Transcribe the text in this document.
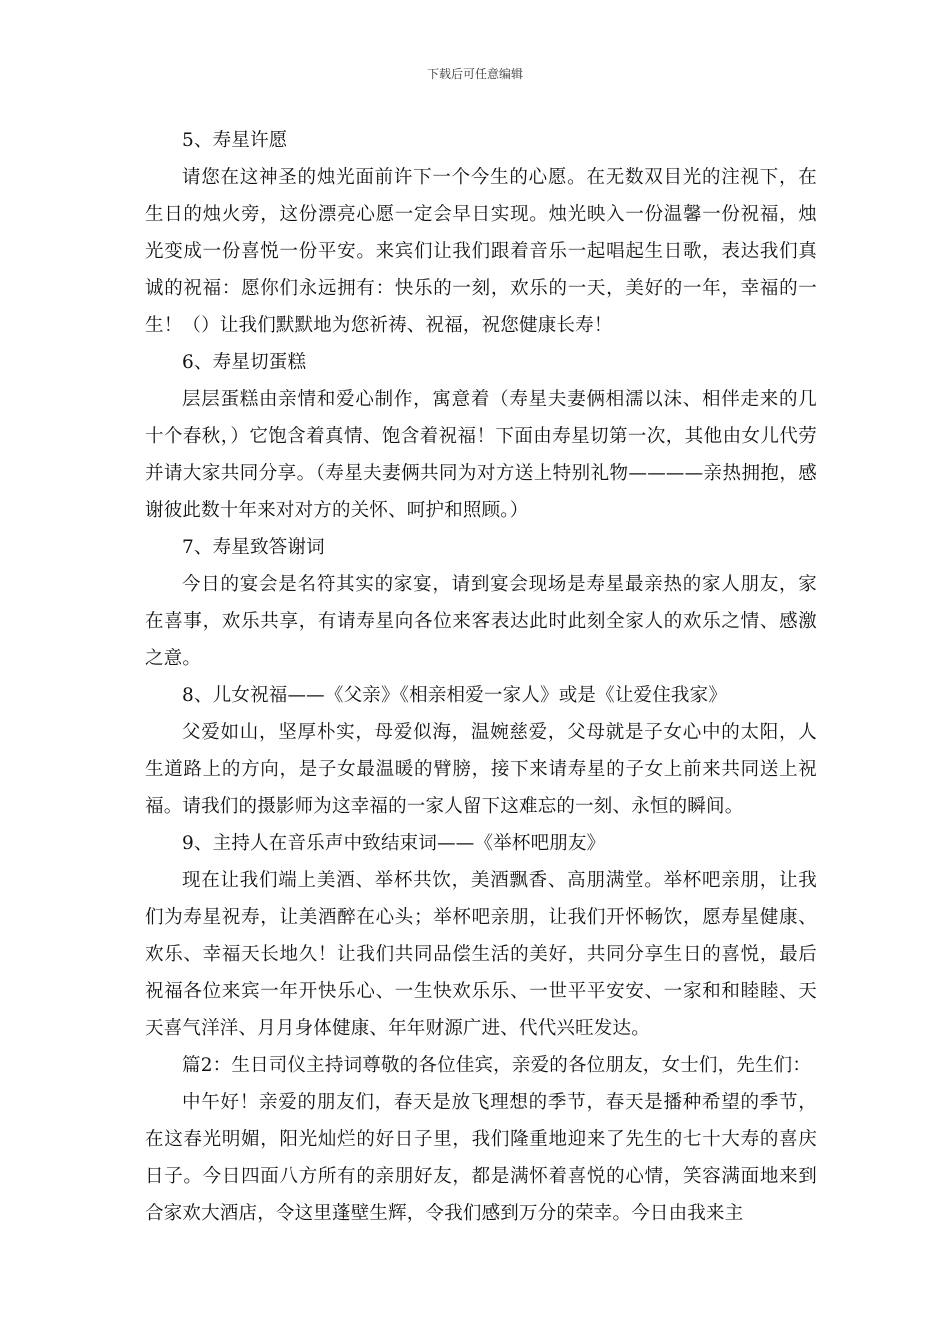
下载后可任意编辑

5、寿星许愿

请您在这神圣的烛光面前许下一个今生的心愿。在无数双目光的注视下，在生日的烛火旁，这份漂亮心愿一定会早日实现。烛光映入一份温馨一份祝福，烛光变成一份喜悦一份平安。来宾们让我们跟着音乐一起唱起生日歌，表达我们真诚的祝福：愿你们永远拥有：快乐的一刻，欢乐的一天，美好的一年，幸福的一生！（）让我们默默地为您祈祷、祝福，祝您健康长寿！

6、寿星切蛋糕

层层蛋糕由亲情和爱心制作，寓意着（寿星夫妻俩相濡以沫、相伴走来的几十个春秋，）它饱含着真情、饱含着祝福！下面由寿星切第一次，其他由女儿代劳并请大家共同分享。（寿星夫妻俩共同为对方送上特别礼物————亲热拥抱，感谢彼此数十年来对对方的关怀、呵护和照顾。）

7、寿星致答谢词

今日的宴会是名符其实的家宴，请到宴会现场是寿星最亲热的家人朋友，家在喜事，欢乐共享，有请寿星向各位来客表达此时此刻全家人的欢乐之情、感激之意。

8、儿女祝福——《父亲》《相亲相爱一家人》或是《让爱住我家》

父爱如山，坚厚朴实，母爱似海，温婉慈爱，父母就是子女心中的太阳，人生道路上的方向，是子女最温暖的臂膀，接下来请寿星的子女上前来共同送上祝福。请我们的摄影师为这幸福的一家人留下这难忘的一刻、永恒的瞬间。

9、主持人在音乐声中致结束词——《举杯吧朋友》

现在让我们端上美酒、举杯共饮，美酒飘香、高朋满堂。举杯吧亲朋，让我们为寿星祝寿，让美酒醉在心头；举杯吧亲朋，让我们开怀畅饮，愿寿星健康、欢乐、幸福天长地久！让我们共同品偿生活的美好，共同分享生日的喜悦，最后祝福各位来宾一年开快乐心、一生快欢乐乐、一世平平安安、一家和和睦睦、天天喜气洋洋、月月身体健康、年年财源广进、代代兴旺发达。

篇2：生日司仪主持词尊敬的各位佳宾，亲爱的各位朋友，女士们，先生们：

中午好！亲爱的朋友们，春天是放飞理想的季节，春天是播种希望的季节，在这春光明媚，阳光灿烂的好日子里，我们隆重地迎来了先生的七十大寿的喜庆日子。今日四面八方所有的亲朋好友，都是满怀着喜悦的心情，笑容满面地来到合家欢大酒店，令这里蓬壁生辉，令我们感到万分的荣幸。今日由我来主
